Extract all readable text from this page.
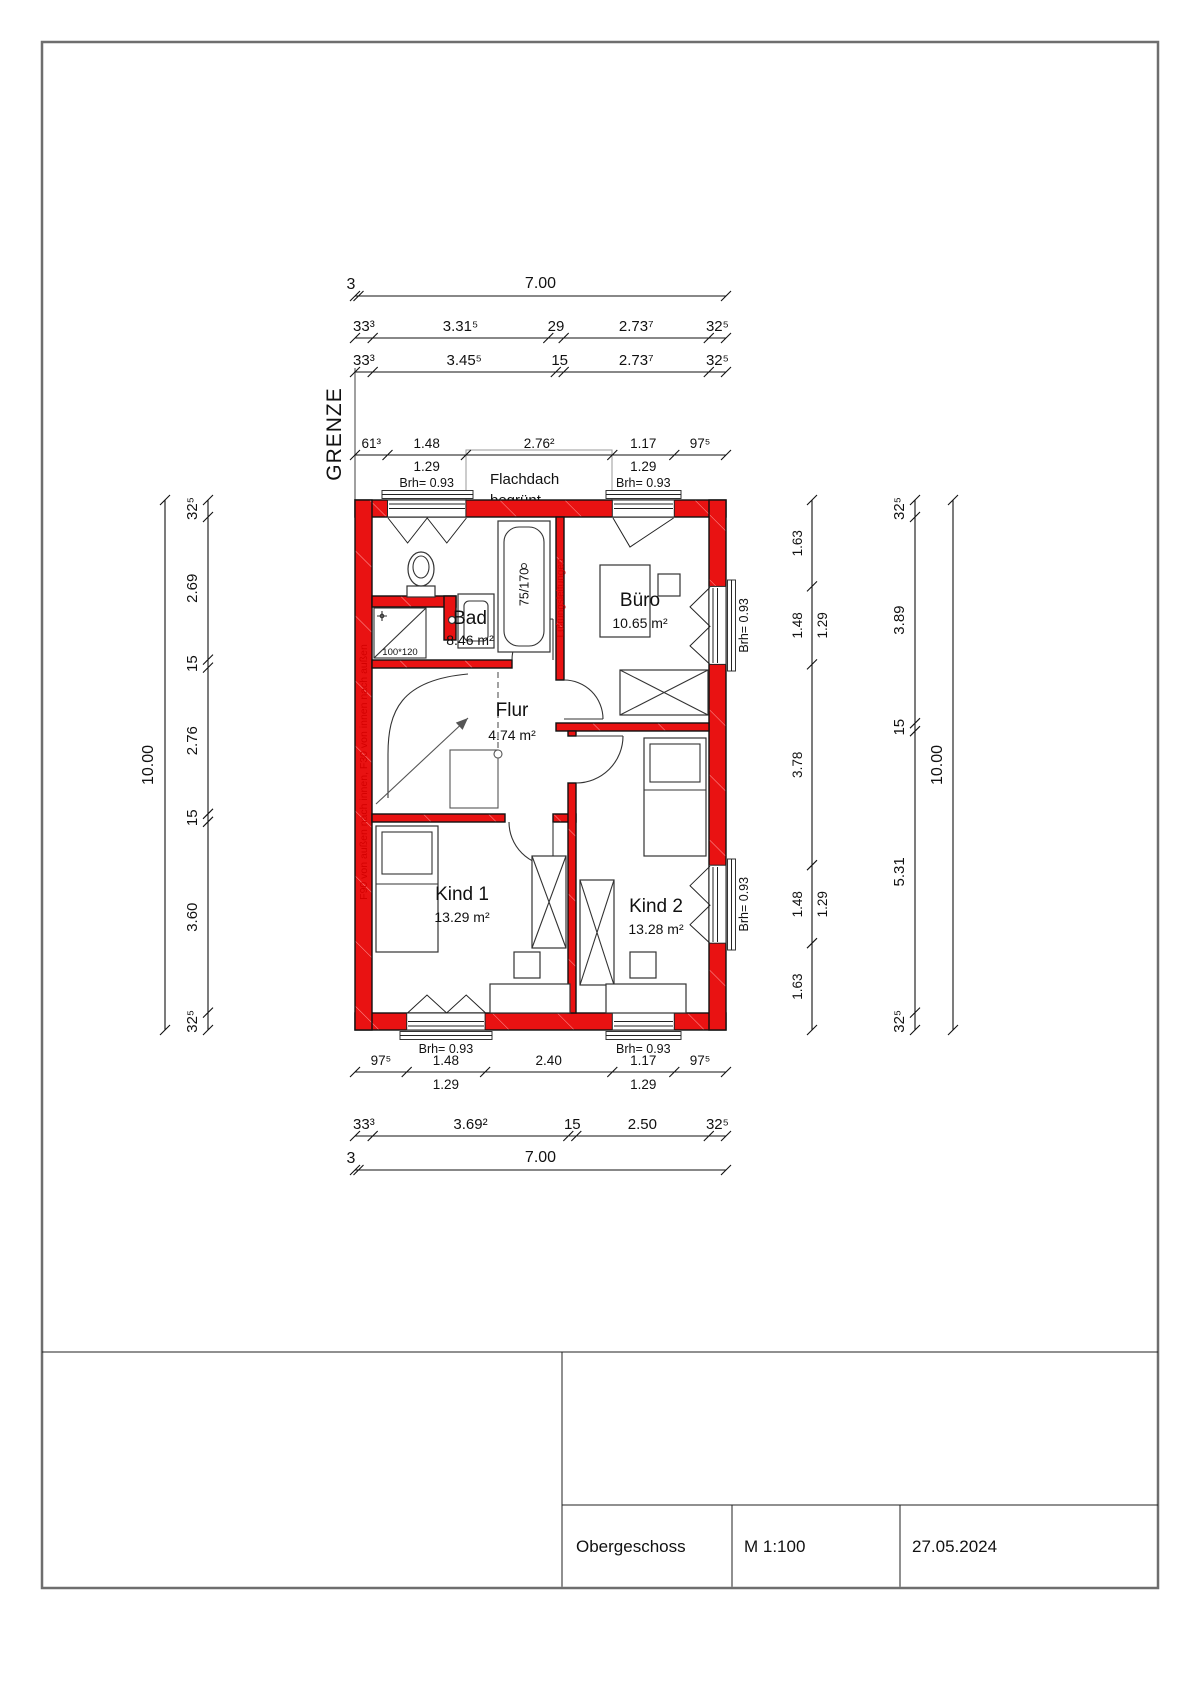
Obergeschoss	M 1:100	27.05.2024
Flachdach
GRENZE
F90 von außen nach innen, F30 von innen nach außen
Lüftungsleitungen
75/170
100*120
Bad
8.46 m²
Büro
10.65 m²
Flur
4.74 m²
Kind 1
13.29 m²	Kind 2
13.28 m²
3	7.00
33³	3.31⁵	29	2.73⁷	32⁵
33³	3.45⁵	15	2.73⁷	32⁵
61³ 1.48	2.76²	1.17 97⁵
1.29	1.29
Brh= 0.93	Brh= 0.93
Brh= 0.93	Brh= 0.93
97⁵	1.48	2.40	1.17 97⁵
1.29	1.29
33³	3.69²	15	2.50	32⁵
3	7.00
32⁵
2.69
15
2.76
15
3.60
32⁵
10.00
Brh= 0.93
Brh= 0.93
1.63
1.48
3.78
1.48
1.63
1.29
1.29
32⁵
3.89
15
5.31
32⁵
10.00
